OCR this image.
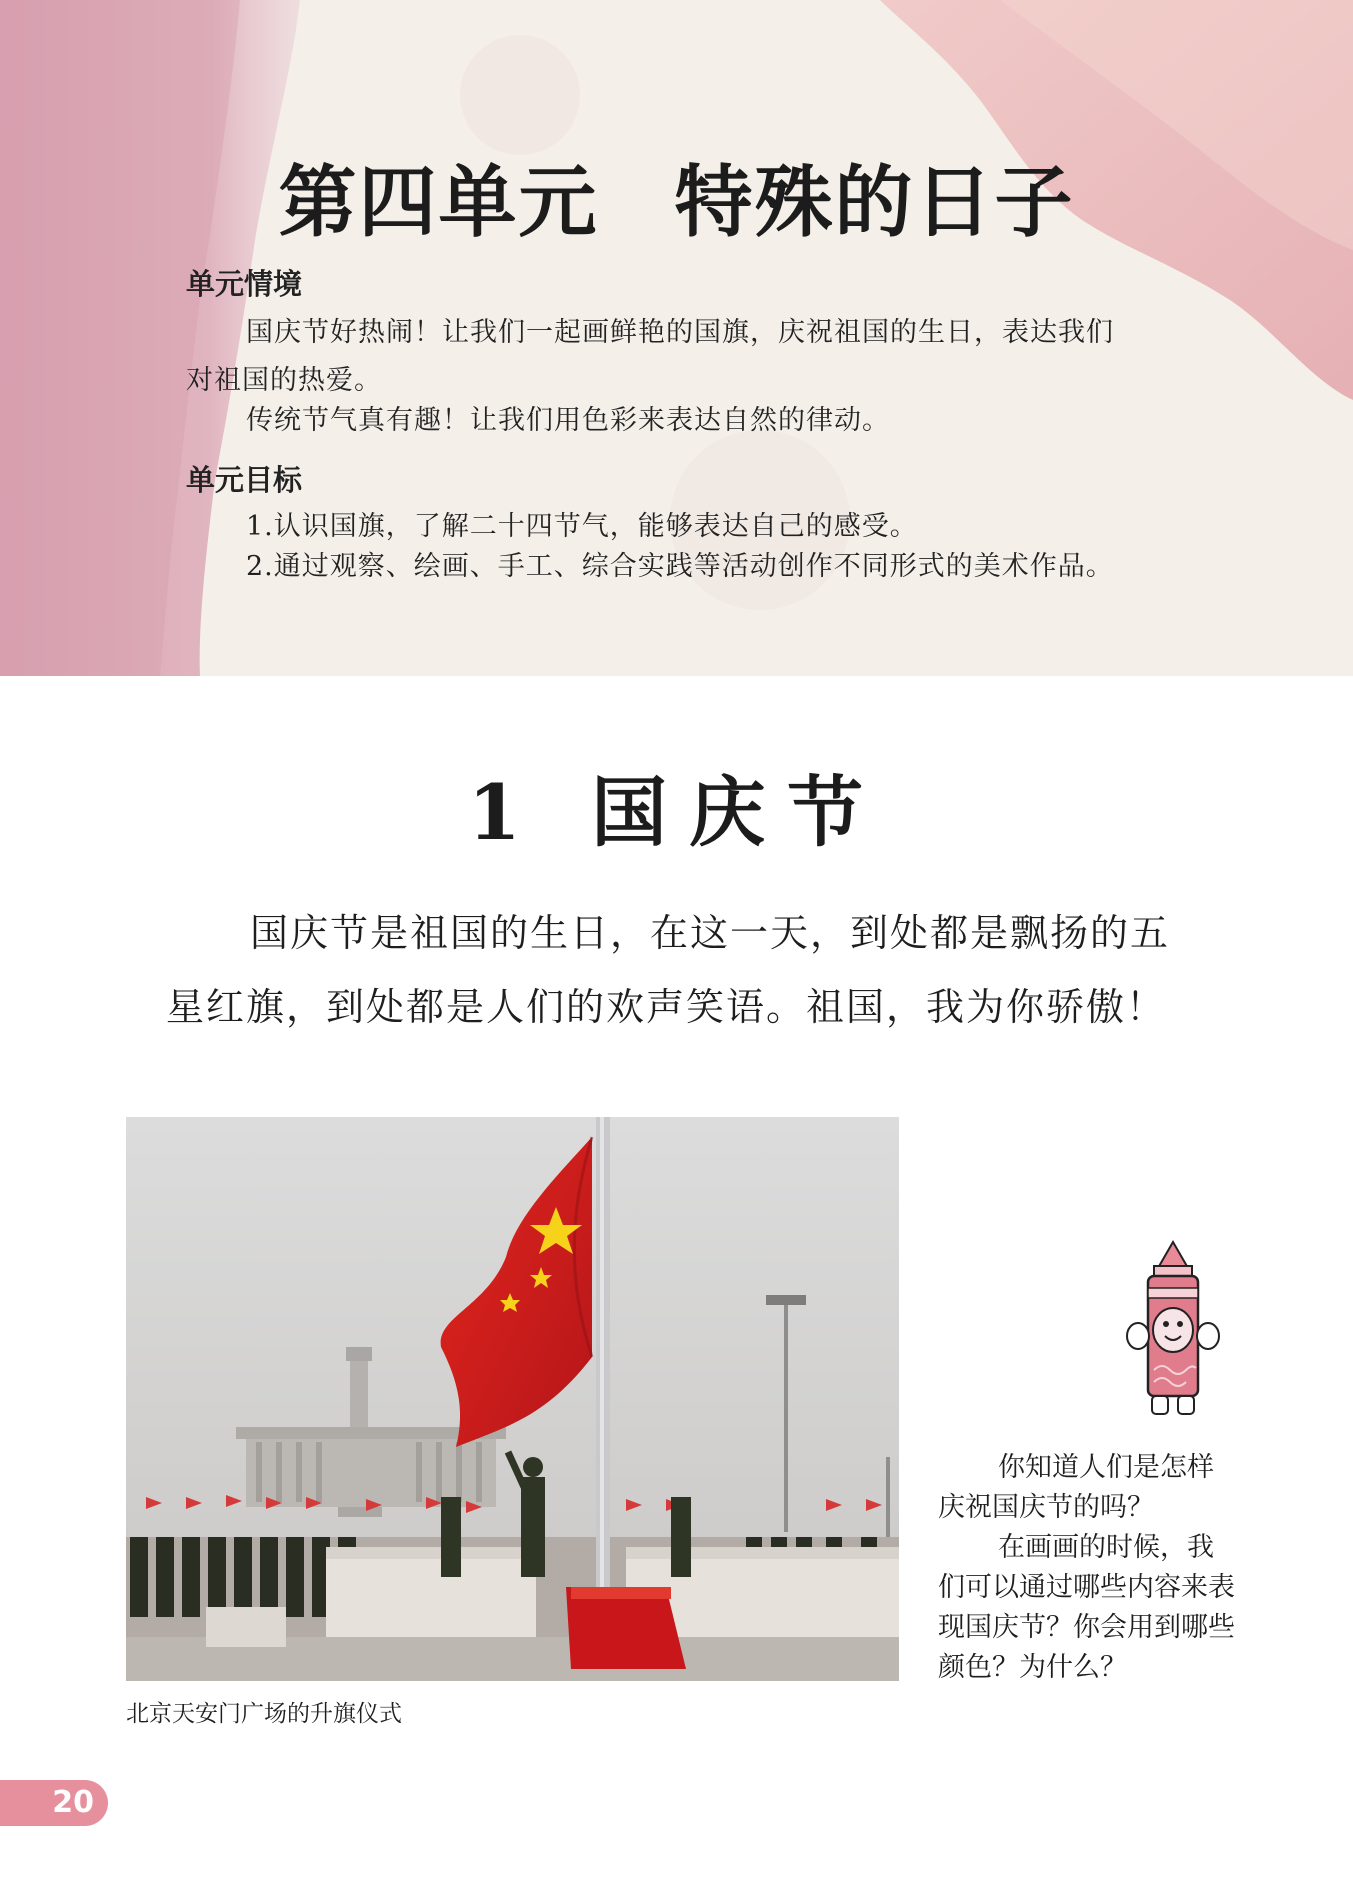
第四单元 特殊的日子
单元情境
国庆节好热闹！让我们一起画鲜艳的国旗，庆祝祖国的生日，表达我们
对祖国的热爱。
传统节气真有趣！让我们用色彩来表达自然的律动。
单元目标
1.认识国旗，了解二十四节气，能够表达自己的感受。
2.通过观察、绘画、手工、综合实践等活动创作不同形式的美术作品。
1 国庆节
国庆节是祖国的生日，在这一天，到处都是飘扬的五
星红旗，到处都是人们的欢声笑语。祖国，我为你骄傲！
北京天安门广场的升旗仪式

你知道人们是怎样庆祝国庆节的吗？

在画画的时候，我们可以通过哪些内容来表现国庆节？你会用到哪些颜色？为什么？

20
